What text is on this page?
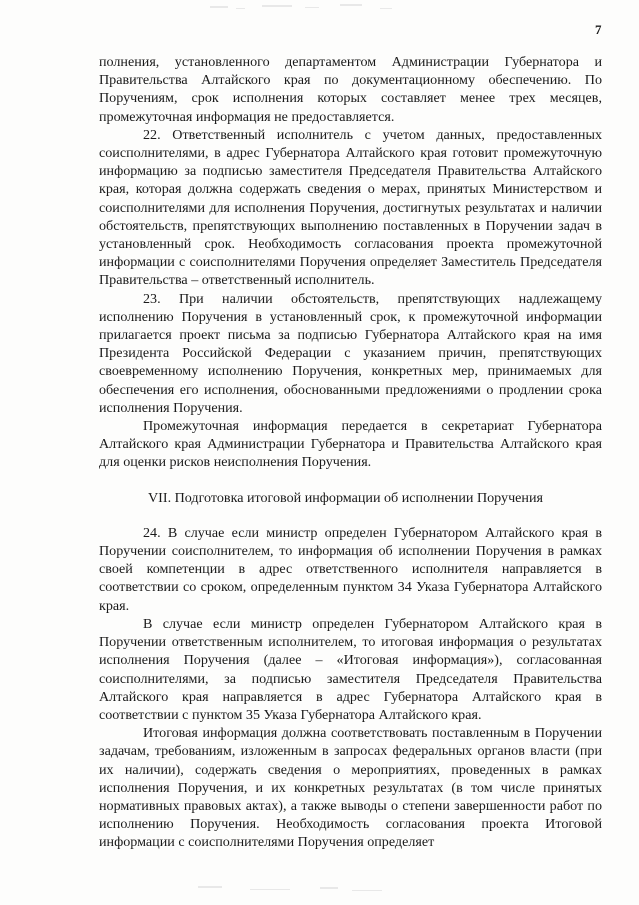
7

полнения, установленного департаментом Администрации Губернатора и Правительства Алтайского края по документационному обеспечению. По Поручениям, срок исполнения которых составляет менее трех месяцев, промежуточная информация не предоставляется.

22. Ответственный исполнитель с учетом данных, предоставленных соисполнителями, в адрес Губернатора Алтайского края готовит промежуточную информацию за подписью заместителя Председателя Правительства Алтайского края, которая должна содержать сведения о мерах, принятых Министерством и соисполнителями для исполнения Поручения, достигнутых результатах и наличии обстоятельств, препятствующих выполнению поставленных в Поручении задач в установленный срок. Необходимость согласования проекта промежуточной информации с соисполнителями Поручения определяет Заместитель Председателя Правительства – ответственный исполнитель.

23. При наличии обстоятельств, препятствующих надлежащему исполнению Поручения в установленный срок, к промежуточной информации прилагается проект письма за подписью Губернатора Алтайского края на имя Президента Российской Федерации с указанием причин, препятствующих своевременному исполнению Поручения, конкретных мер, принимаемых для обеспечения его исполнения, обоснованными предложениями о продлении срока исполнения Поручения.

Промежуточная информация передается в секретариат Губернатора Алтайского края Администрации Губернатора и Правительства Алтайского края для оценки рисков неисполнения Поручения.

VII. Подготовка итоговой информации об исполнении Поручения

24. В случае если министр определен Губернатором Алтайского края в Поручении соисполнителем, то информация об исполнении Поручения в рамках своей компетенции в адрес ответственного исполнителя направляется в соответствии со сроком, определенным пунктом 34 Указа Губернатора Алтайского края.

В случае если министр определен Губернатором Алтайского края в Поручении ответственным исполнителем, то итоговая информация о результатах исполнения Поручения (далее – «Итоговая информация»), согласованная соисполнителями, за подписью заместителя Председателя Правительства Алтайского края направляется в адрес Губернатора Алтайского края в соответствии с пунктом 35 Указа Губернатора Алтайского края.

Итоговая информация должна соответствовать поставленным в Поручении задачам, требованиям, изложенным в запросах федеральных органов власти (при их наличии), содержать сведения о мероприятиях, проведенных в рамках исполнения Поручения, и их конкретных результатах (в том числе принятых нормативных правовых актах), а также выводы о степени завершенности работ по исполнению Поручения. Необходимость согласования проекта Итоговой информации с соисполнителями Поручения определяет
